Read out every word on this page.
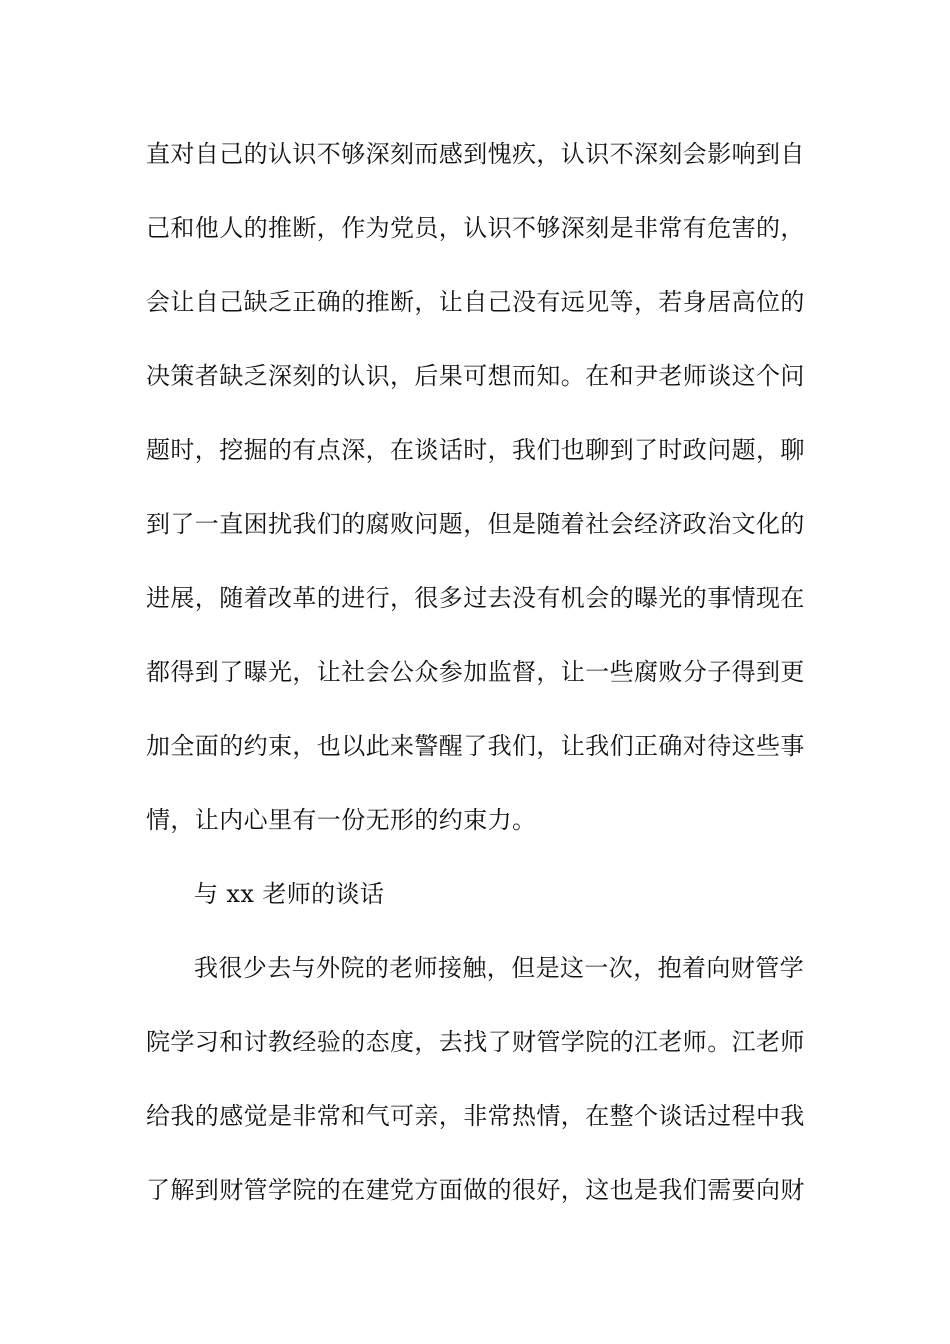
直对自己的认识不够深刻而感到愧疚，认识不深刻会影响到自
己和他人的推断，作为党员，认识不够深刻是非常有危害的，
会让自己缺乏正确的推断，让自己没有远见等，若身居高位的
决策者缺乏深刻的认识，后果可想而知。在和尹老师谈这个问
题时，挖掘的有点深，在谈话时，我们也聊到了时政问题，聊
到了一直困扰我们的腐败问题，但是随着社会经济政治文化的
进展，随着改革的进行，很多过去没有机会的曝光的事情现在
都得到了曝光，让社会公众参加监督，让一些腐败分子得到更
加全面的约束，也以此来警醒了我们，让我们正确对待这些事
情，让内心里有一份无形的约束力。
与 xx 老师的谈话
我很少去与外院的老师接触，但是这一次，抱着向财管学
院学习和讨教经验的态度，去找了财管学院的江老师。江老师
给我的感觉是非常和气可亲，非常热情，在整个谈话过程中我
了解到财管学院的在建党方面做的很好，这也是我们需要向财
